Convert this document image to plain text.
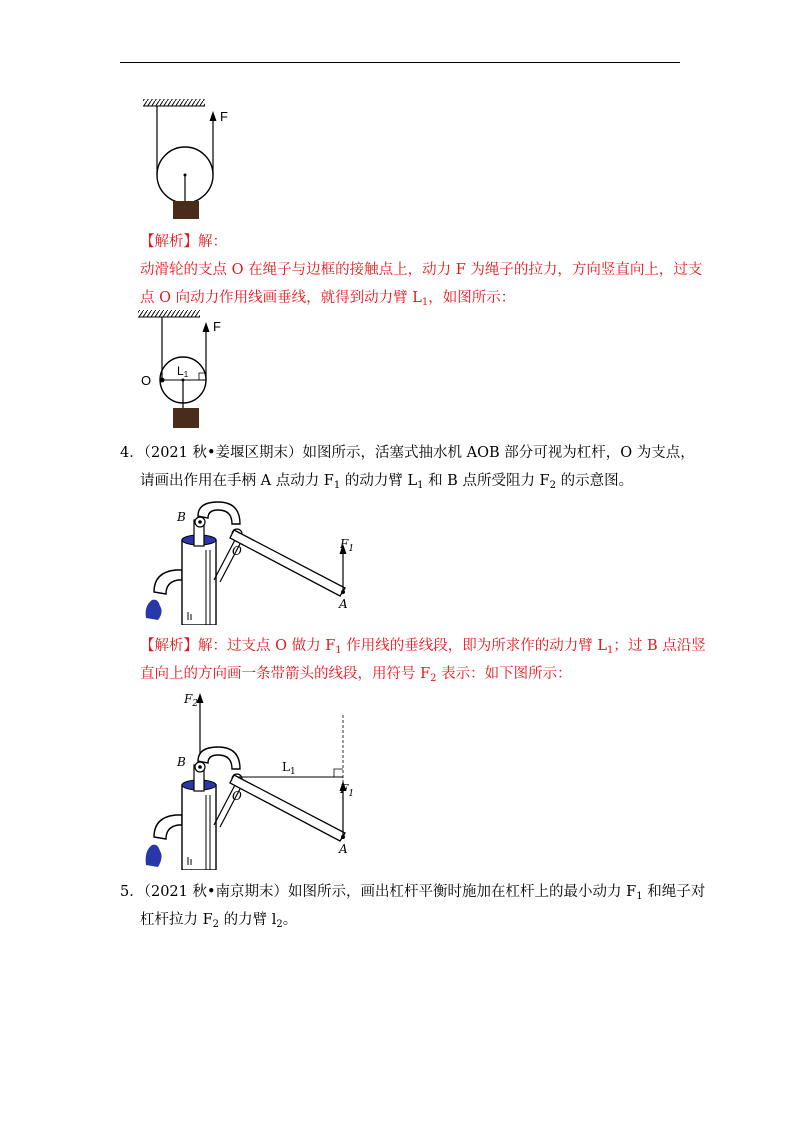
F
【解析】解：
动滑轮的支点 O 在绳子与边框的接触点上，动力 F 为绳子的拉力，方向竖直向上，过支
点 O 向动力作用线画垂线，就得到动力臂 $L_1$，如图所示：
F
O
L1
4．（2021 秋•姜堰区期末）如图所示，活塞式抽水机 AOB 部分可视为杠杆，O 为支点，
请画出作用在手柄 A 点动力 $F_1$ 的动力臂 $L_1$ 和 B 点所受阻力 $F_2$ 的示意图。
B
O
A
$F_1$
【解析】解：过支点 O 做力 $F_1$ 作用线的垂线段，即为所求作的动力臂 $L_1$；过 B 点沿竖
直向上的方向画一条带箭头的线段，用符号 $F_2$ 表示：如下图所示：
$F_2$
$L_1$
B
O
A
$F_1$
5．（2021 秋•南京期末）如图所示，画出杠杆平衡时施加在杠杆上的最小动力 $F_1$ 和绳子对
杠杆拉力 $F_2$ 的力臂 $l_2$。
